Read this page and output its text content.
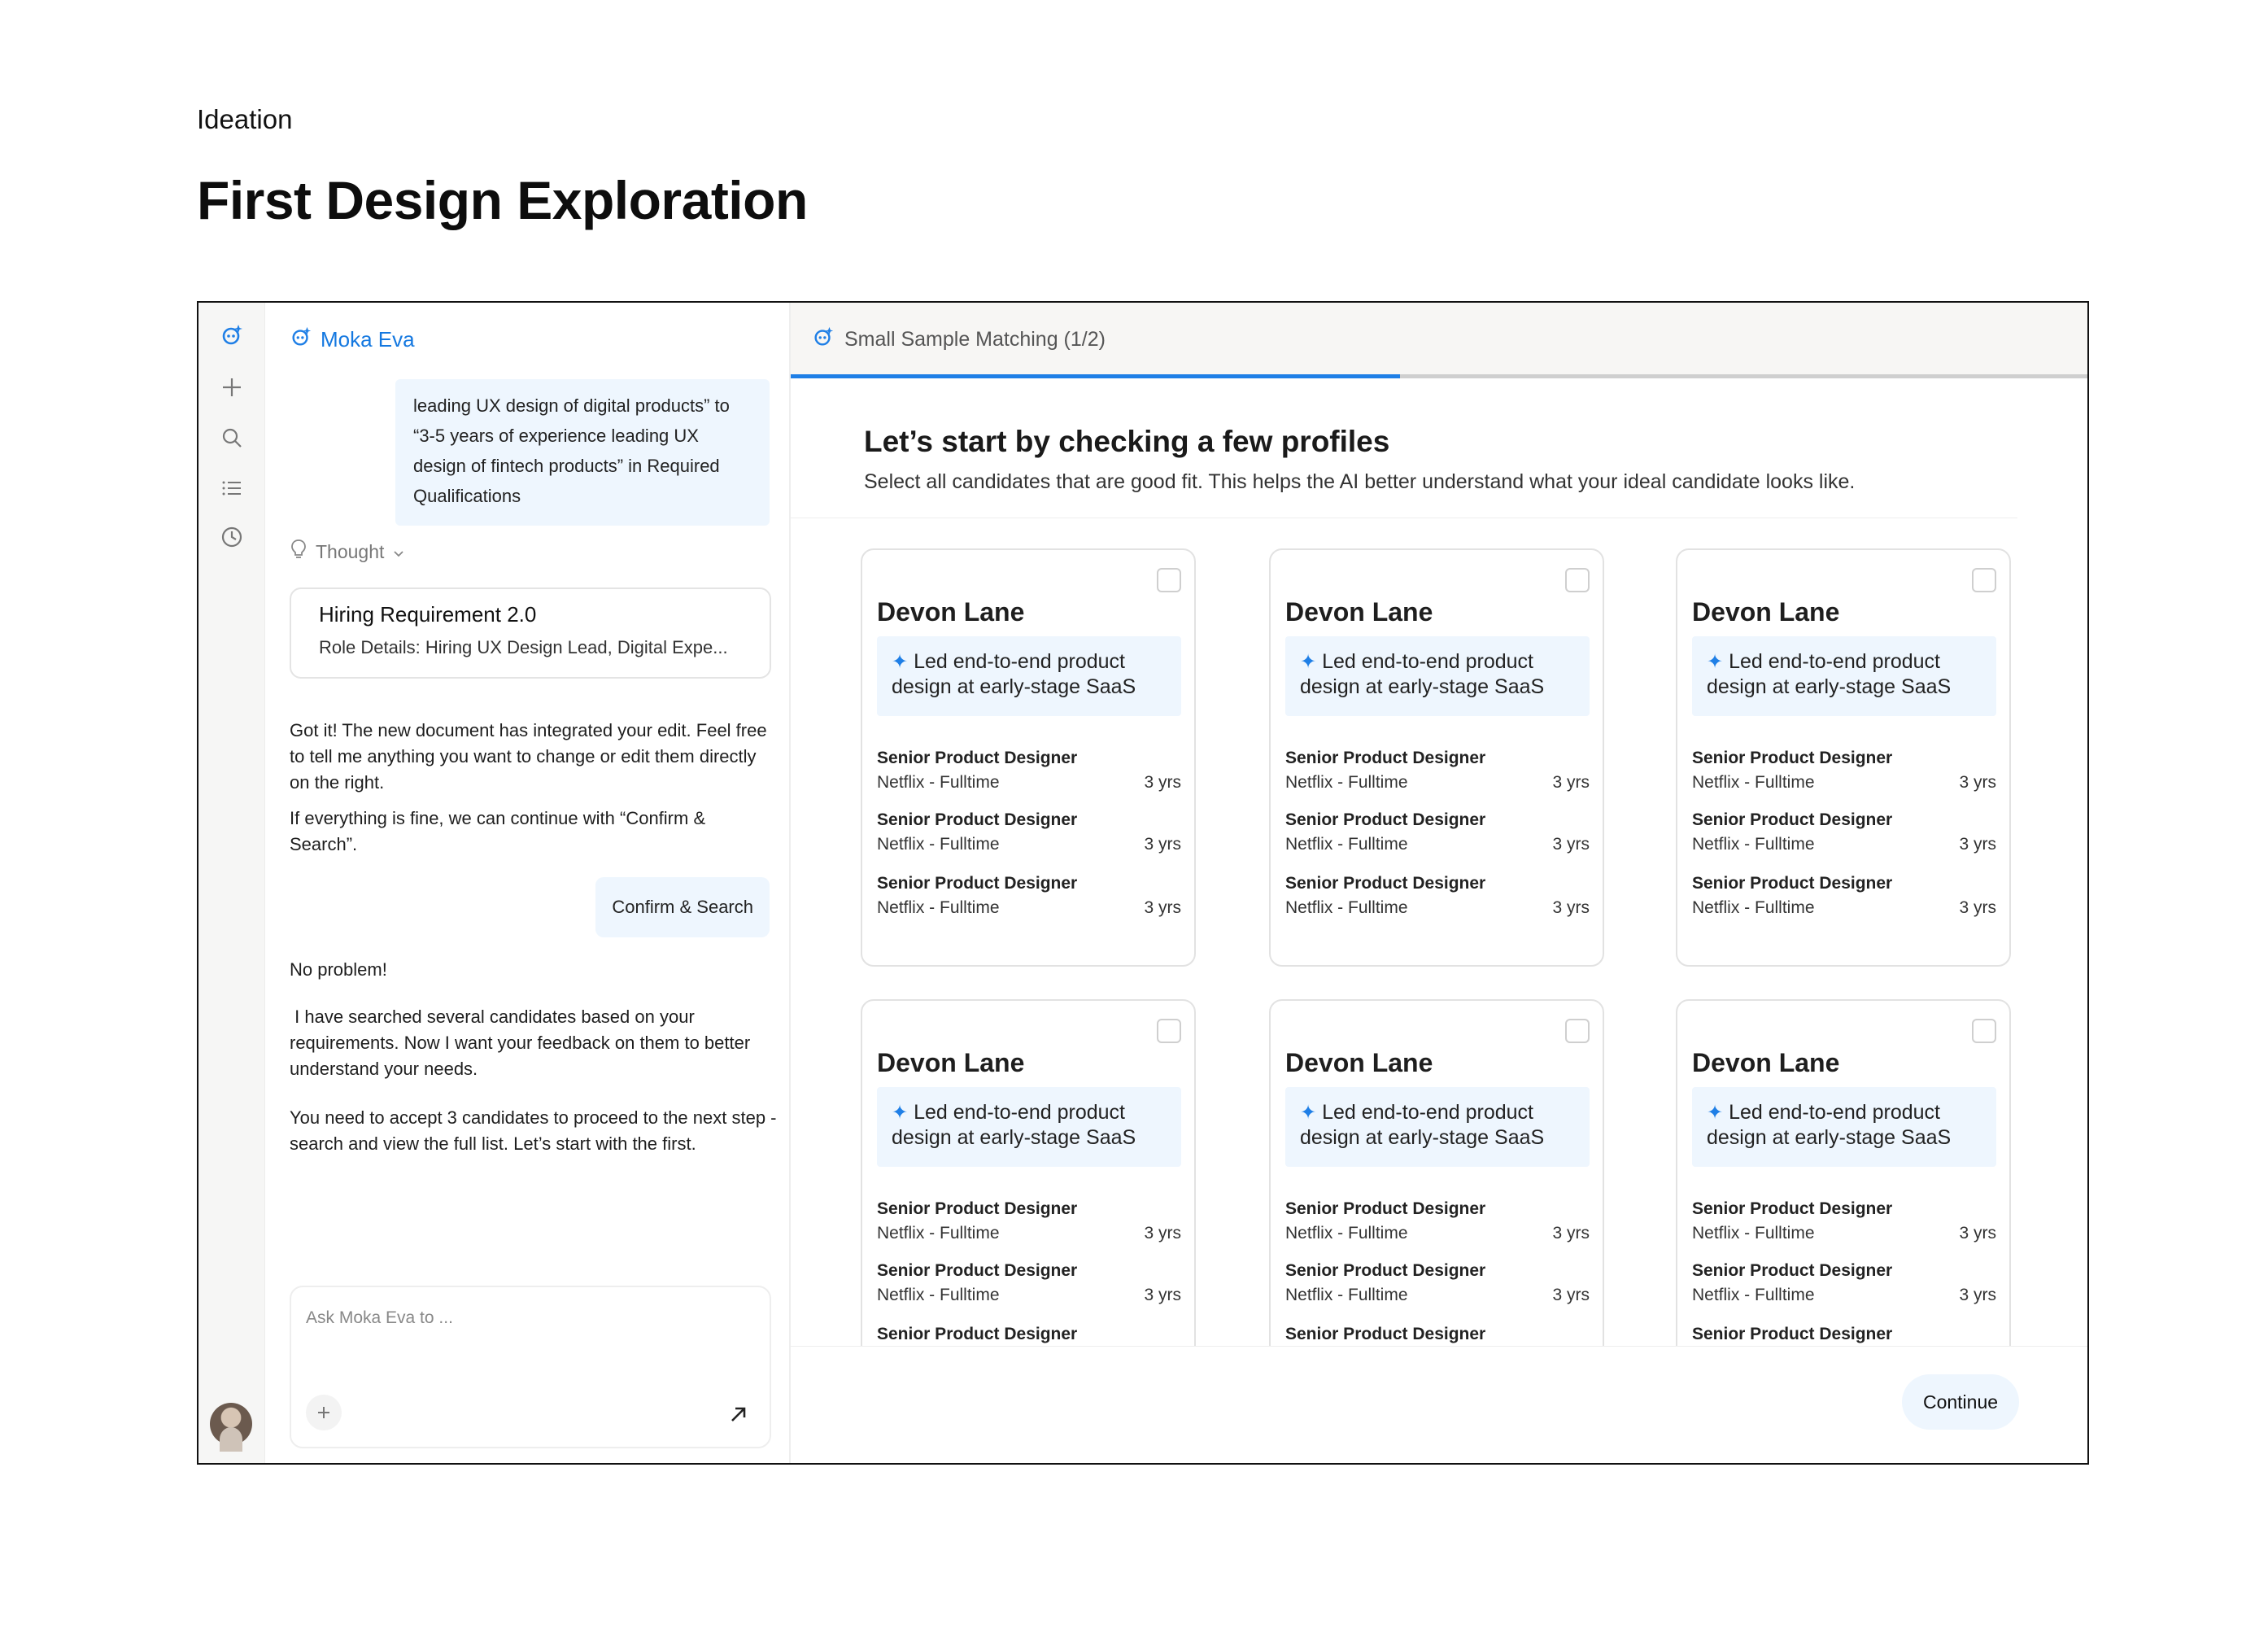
Ideation
First Design Exploration
Moka Eva
leading UX design of digital products” to “3-5 years of experience leading UX design of fintech products” in Required Qualifications
Thought
Hiring Requirement 2.0
Role Details: Hiring UX Design Lead, Digital Expe...
Got it! The new document has integrated your edit. Feel free to tell me anything you want to change or edit them directly on the right.
If everything is fine, we can continue with “Confirm & Search”.
Confirm & Search
No problem!
I have searched several candidates based on your requirements. Now I want your feedback on them to better understand your needs.
You need to accept 3 candidates to proceed to the next step - search and view the full list. Let’s start with the first.
Ask Moka Eva to ...
Small Sample Matching (1/2)
Let’s start by checking a few profiles
Select all candidates that are good fit. This helps the AI better understand what your ideal candidate looks like.
Devon Lane
✦ Led end-to-end product design at early-stage SaaS
Senior Product Designer
Netflix - Fulltime	3 yrs
Senior Product Designer
Netflix - Fulltime	3 yrs
Senior Product Designer
Netflix - Fulltime	3 yrs
Devon Lane
✦ Led end-to-end product design at early-stage SaaS
Senior Product Designer
Netflix - Fulltime	3 yrs
Senior Product Designer
Netflix - Fulltime	3 yrs
Senior Product Designer
Netflix - Fulltime	3 yrs
Devon Lane
✦ Led end-to-end product design at early-stage SaaS
Senior Product Designer
Netflix - Fulltime	3 yrs
Senior Product Designer
Netflix - Fulltime	3 yrs
Senior Product Designer
Netflix - Fulltime	3 yrs
Devon Lane
✦ Led end-to-end product design at early-stage SaaS
Senior Product Designer
Netflix - Fulltime	3 yrs
Senior Product Designer
Netflix - Fulltime	3 yrs
Senior Product Designer
Devon Lane
✦ Led end-to-end product design at early-stage SaaS
Senior Product Designer
Netflix - Fulltime	3 yrs
Senior Product Designer
Netflix - Fulltime	3 yrs
Senior Product Designer
Devon Lane
✦ Led end-to-end product design at early-stage SaaS
Senior Product Designer
Netflix - Fulltime	3 yrs
Senior Product Designer
Netflix - Fulltime	3 yrs
Senior Product Designer
Continue
